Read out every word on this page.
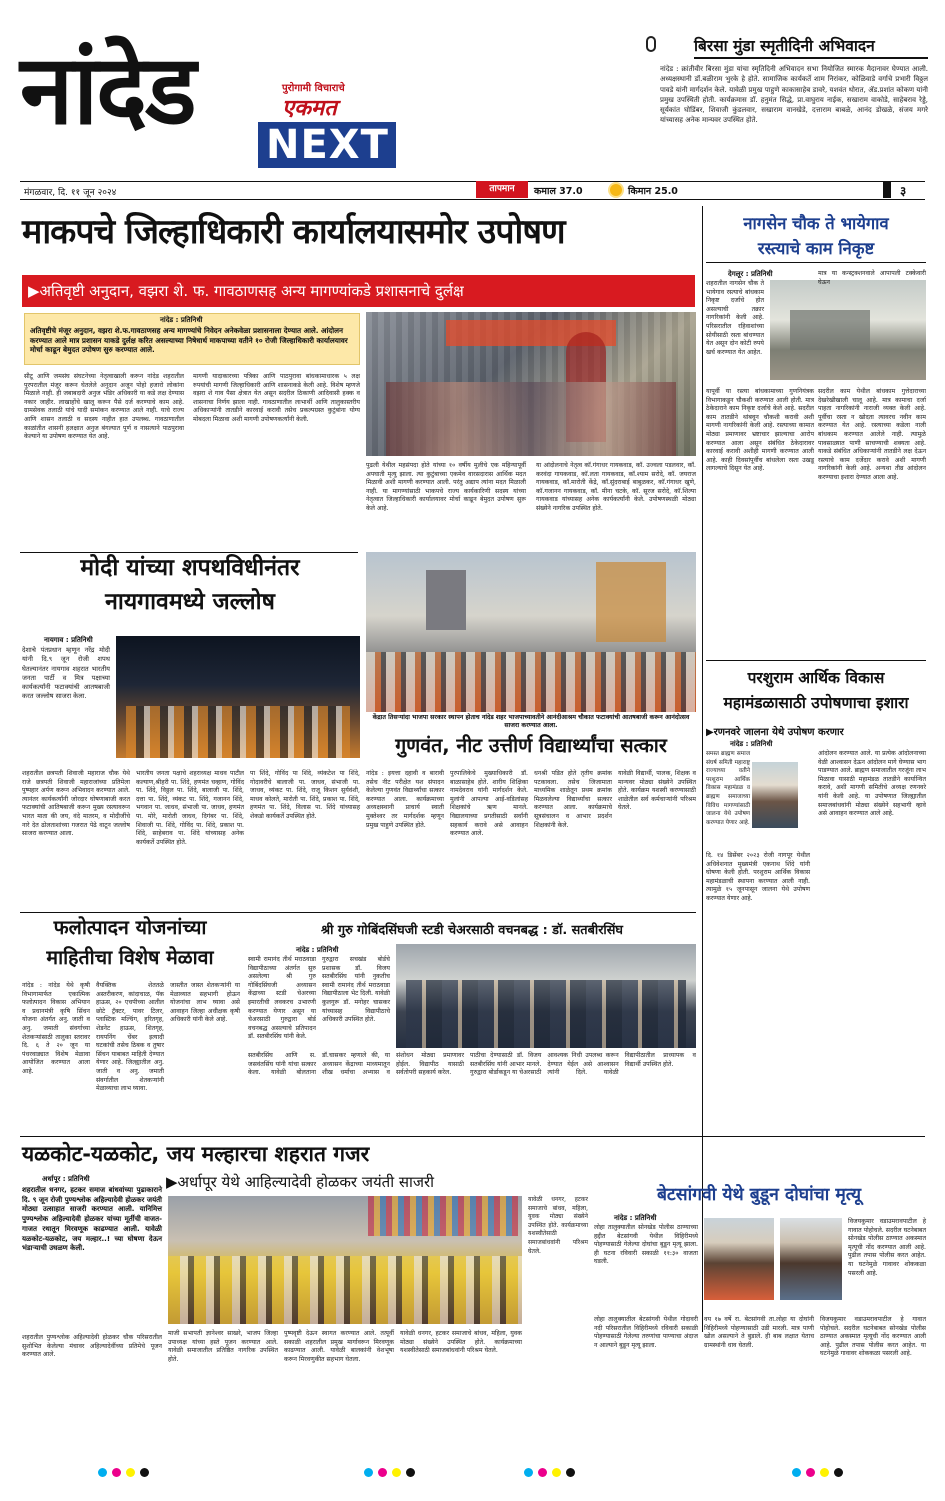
नांदेड	पुरोगामी विचाराचे
एकमत
NEXT
बिरसा मुंडा स्मृतीदिनी अभिवादन
नांदेड : क्रांतीवीर बिरसा मुंडा यांचा स्मृतिदिनी अभिवादन सभा नियोजित स्मारक मैदानावर घेण्यात आली. अध्यक्षस्थानी डॉ.बळीराम भुरके हे होते. सामाजिक कार्यकर्ते शाम निरांकर, कोळिवाडे वर्गाचे प्रभारी विठ्ठल पावडे यांनी मार्गदर्शन केले. यावेळी प्रमुख पाहुणे काकासाहेब डावरे, यशवंत थोरात, ॲड.प्रशांत कोकण यांनी प्रमुख उपस्थिती होती. कार्यक्रमास डॉ. हनुमंत सिद्धे, प्रा.वाघुराय नाईक, सखाराम वाकोडे, साहेबराव रेड्डे, सूर्यकांत घोडिंबर, शिवाजी कुंडलवार, सखाराम वानखेडे, दत्ताराम बाबळे, आनंद डोखळे, संजय मगरे यांच्यासह अनेक मान्यवर उपस्थित होते.
मंगळवार, दि. ११ जून २०२४	तापमान	कमाल 37.0	किमान 25.0	३
माकपचे जिल्हाधिकारी कार्यालयासमोर उपोषण
▶अतिवृष्टी अनुदान, वझरा शे. फ. गावठाणसह अन्य मागण्यांकडे प्रशासनाचे दुर्लक्ष
नांदेड : प्रतिनिधी
अतिवृष्टीचे मंजूर अनुदान, वझरा शे.फ.गावठाणसह अन्य मागण्यांचे निवेदन अनेकवेळा प्रशासनाला देण्यात आले. आंदोलन करण्यात आले मात्र प्रशासन याकडे दुर्लक्ष करित असल्याच्या निषेधार्थ माकपाच्या वतीने १० रोजी जिल्हाधिकारी कार्यालयावर मोर्चा काढून बेमुदत उपोषण सुरु करण्यात आले.
सीटू आणि जमसंघ संघटनेच्या नेतृत्वाखाली करून नांदेड शहरातील पुरपरातील मंजूर करून घेतलेले अनुदान अजून पोहो हजारो लोकांना मिळाले नाही. ही जबाबदारी अनुज भंडिर अधिकारी या कडे लक्ष देण्यास नकार जाहीर. लाखाहोंचे खालू करून पैसे दर्ज करण्याचे काम आहे. ग्रामसेवक तलाठी यांचे यादी समांकन करण्यात आले नाही. याचे राज्य आणि शासन तलाठी व सदस्य नाहीत हात उपलब्ध. गावठाणातील काळांतीत शासनी हलक्षात अनुज बंगल्यात पूर्ण व नासत्याने पाठपुरावा केल्याने या उपोषण करण्यात येत आहे.
मागणी यादाकारच्या पत्रिका आणि पाठपुरावा बांधकामाधारक ५ लक्ष रुपयांची मागणी जिल्हाधिकारी आणि शासनाकडे केली आहे. विशेष म्हणजे वझरा शे गाव पैसा क्षेत्रात येत असून सदरील ठिकाणी आदिवासी हक्क व शासनाचा निर्णय झाला नाही. गावठाणातील लाभार्थी आणि तालुकास्तरीय अधिकाऱ्यांनी तातडीने कारवाई करावी तसेच प्रकल्पग्रस्त कुटुंबांना योग्य मोबदला मिळावा अशी मागणी उपोषणकर्त्यांनी केली.
पुढली येथील महसंपदा होते यांच्या १० वर्षीय मुलीचे एक महिन्यापूर्वी अपघाती मृत्यु झाला. त्या कुटुंबाच्या एकमेव वारसदारास आर्थिक मदत मिळावी अशी मागणी करण्यात आली. परंतु अद्याप त्यांना मदत मिळाली नाही. या मागण्यांसाठी भाकपचे राज्य कार्यकारिणी सदस्य यांच्या नेतृत्वात जिल्हाधिकारी कार्यालयावर मोर्चा काढून बेमुदत उपोषण सुरू केले आहे.
या आंदोलनाचे नेतृत्व कॉ.गंगाधर गायकवाड, कॉ. उज्वला पडलवार, कॉ. करवंदा गायकवाड, कॉ.लता गायकवाड, कॉ.श्याम सरोदे, कॉ. जयराज गायकवाड, कॉ.मारोती केंद्रे, कॉ.सुंदराबाई बाबुळकर, कॉ.गंगाधर खुणे, कॉ.गजानन गायकवाड, कॉ. मीना चटके, कॉ. सूरज सरोदे, कॉ.शिल्पा गायकवाड यांच्यासह अनेक कार्यकर्त्यांनी केले. उपोषणस्थळी मोठ्या संख्येने नागरिक उपस्थित होते.
मोदी यांच्या शपथविधीनंतर
नायगावमध्ये जल्लोष
नायगाव : प्रतिनिधी
देशाचे पंतप्रधान म्हणून नरेंद्र मोदी यांनी दि.९ जून रोजी शपथ घेतल्यानंतर नायगाव शहरात भारतीय जनता पार्टी व मित्र पक्षाच्या कार्यकर्त्यांनी फटाक्यांची आतषबाजी करत जल्लोष साजरा केला.
शहरातील छत्रपती शिवाजी महाराज चौक येथे राजे छत्रपती शिवाजी महाराजांच्या प्रतिमेला पुष्पहार अर्पण करून अभिवादन करण्यात आले. त्यानंतर कार्यकर्त्यांनी जोरदार घोषणाबाजी करत फटाक्यांची आतिषबाजी करून मुख्य रस्त्यावरून भारत माता की जय, वंदे मातरम, व मोदीजींचे नारे देत ढोलताशांच्या गजरात पेढे वाटून जल्लोष साजरा करण्यात आला.
भारतीय जनता पक्षाचे शहराध्यक्ष माधव पाटील कल्याण,श्रीहरी पा. शिंदे, हणमंत चव्हाण, गोविंद पा. शिंदे, विठ्ठल पा. शिंदे, बालाजी पा. शिंदे, दत्ता पा. शिंदे, व्यंकट पा. शिंदे, गजानन शिंदे, भगवान पा. जाधव, संभाजी पा. जाधव, हणमंत पा. मोरे, मारोती जाधव, दिगंबर पा. शिंदे, शिवाजी पा. शिंदे, गोविंद पा. शिंदे, प्रकाश पा. शिंदे, साहेबराव पा. शिंदे यांच्यासह अनेक कार्यकर्ते उपस्थित होते.
पा शिंदे, गोविंद पा शिंदे, व्यंकटेश पा शिंदे, गोदावरीचे बालाजी पा. जाधव, संभाजी पा. जाधव, व्यंकट पा. शिंदे, राजू किशन सुर्यवंशी, माधव कोलते, मारोती पा. शिंदे, प्रकाश पा. शिंदे, हणमंत पा. शिंदे, विलास पा. शिंदे यांच्यासह शेकडो कार्यकर्ते उपस्थित होते.
केंद्रात तिसऱ्यांदा भाजपा सरकार स्थापन होताच नांदेड शहर भाजपाच्यावतीने आनंदीआश्रम चौकात फटाक्यांची आतषबाजी करून आनंदोत्सव साजरा करण्यात आला.
गुणवंत, नीट उत्तीर्ण विद्यार्थ्यांचा सत्कार
नांदेड : इयत्ता दहावी व बारावी तसेच नीट परीक्षेत यश संपादन केलेल्या गुणवंत विद्यार्थ्यांचा सत्कार करण्यात आला. कार्यक्रमाच्या अध्यक्षस्थानी प्राचार्य स्वाती मुक्तेश्वर तर मार्गदर्शक म्हणून प्रमुख पाहुणे उपस्थित होते.
पुरपालिकेचे मुख्याधिकारी डॉ. बाळासाहेब होते. शारीय शिक्षिका नामदेवराव यांनी मार्गदर्शन केले. मुलांनी आपल्या आई-वडिलांसह शिक्षकांचे ऋण मानले. विद्यालयाच्या प्रगतीसाठी सर्वांनी सहकार्य करावे असे आवाहन करण्यात आले.
धनश्री पडित होते तृतीय क्रमांक पटकावला. तसेच जिजामाता माध्यमिक शाळेतून प्रथम क्रमांक मिळवलेल्या विद्यार्थ्यांचा सत्कार करण्यात आला. कार्यक्रमाचे सूत्रसंचालन व आभार प्रदर्शन शिक्षकांनी केले.
यावेळी विद्यार्थी, पालक, शिक्षक व मान्यवर मोठ्या संख्येने उपस्थित होते. कार्यक्रम यशस्वी करण्यासाठी शाळेतील सर्व कर्मचाऱ्यांनी परिश्रम घेतले.
फलोत्पादन योजनांच्या
माहितीचा विशेष मेळावा
नांदेड : नांदेड येथे कृषी विभागामार्फत एकात्मिक फलोत्पादन विकास अभियान व प्रधानमंत्री कृषि सिंचन योजना अंतर्गत अनु. जाती व अनु. जमाती संवर्गाच्या शेतकऱ्यांसाठी तालुका स्तरावर दि. ६ ते २० जून या पंधरवाड्यात विशेष मेळावा आयोजित करण्यात आला आहे.
वैयक्तिक शेततळे अस्तरीकरण, कांदाचाळ, पॅक हाऊस, २० एचपीच्या आतील छोटे ट्रॅक्टर, पावर टिलर, प्लास्टिक मल्चिंग, हरितगृह, शेडनेट हाऊस, शितगृह, रायपनिंग चेंबर इत्यादी घटकांची तसेच ठिबक व तुषार सिंचन याबाबत माहिती देण्यात येणार आहे. जिल्ह्यातील अनु. जाती व अनु. जमाती संवर्गातील शेतकऱ्यांनी मेळाव्याचा लाभ घ्यावा.
जास्तीत जास्त शेतकऱ्यांनी या मेळाव्यात सहभागी होऊन योजनांचा लाभ घ्यावा असे आवाहन जिल्हा अधीक्षक कृषी अधिकारी यांनी केले आहे.
श्री गुरु गोबिंदसिंघजी स्टडी चेअरसाठी वचनबद्ध : डॉ. सतबीरसिंघ
नांदेड : प्रतिनिधी
स्वामी रामानंद तीर्थ मराठवाडा विद्यापीठाच्या अंतर्गत सुरु असलेल्या श्री गुरु गोबिंदसिंघजी अध्यासन केंद्राच्या स्टडी चेअरच्या इमारतीची लवकरच उभारणी करण्यात येणार असून या चेअरसाठी गुरुद्वारा बोर्ड वचनबद्ध असल्याचे प्रतिपादन डॉ. सतबीरसिंघ यांनी केले.
गुरुद्वारा सचखंड बोर्डचे प्रशासक डॉ. विजय सतबीरसिंघ यांनी नुकतीच स्वामी रामानंद तीर्थ मराठवाडा विद्यापीठाला भेट दिली. यावेळी कुलगुरू डॉ. मनोहर चासकर यांच्यासह विद्यापीठाचे अधिकारी उपस्थित होते.
सतबीरसिंघ आणि स. जसवंतसिंघ यांनी यांचा सत्कार केला. यावेळी बोलताना डॉ.चासकर म्हणाले की, या अध्यासन केंद्राच्या माध्यमातून शीख धर्माचा अभ्यास व संशोधन मोठ्या प्रमाणावर होईल. विद्यापीठ यासाठी सर्वतोपरी सहकार्य करेल.
पाठीचा देण्यासाठी डॉ. विजय सतबीरसिंघ यांनी आभार मानले. गुरुद्वारा बोर्डाकडून या चेअरसाठी आवश्यक निधी उपलब्ध करून देण्यात येईल असे आश्वासन त्यांनी दिले. यावेळी विद्यापीठातील प्राध्यापक व विद्यार्थी उपस्थित होते.
नागसेन चौक ते भायेगाव
रस्त्याचे काम निकृष्ट
देगलूर : प्रतिनिधी
शहरातील नागसेन चौक ते भायेगाव रस्त्याचे बांधकाम निकृष्ट दर्जाचे होत असल्याची तक्रार नागरिकांनी केली आहे. परिसरातील रहिवाशांच्या सोयीसाठी रस्ता बांधण्यात येत असून दोन कोटी रुपये खर्च करण्यात येत आहेत.
मात्र या कन्स्ट्रक्शनवाले आपापली टक्केवारी घेऊन
यापूर्वी या रस्त्या बांधकामाच्या गुणनियंत्रक विभागाकडून चौकशी करण्यात आली होती. मात्र ठेकेदाराने काम निकृष्ट दर्जाचे केले आहे. सदरील काम तातडीने थांबवून चौकशी करावी अशी मागणी नागरिकांनी केली आहे. रस्त्याच्या कामात मोठ्या प्रमाणावर भ्रष्टाचार झाल्याचा आरोप करण्यात आला असून संबंधित ठेकेदारावर कारवाई करावी अशीही मागणी करण्यात आली आहे. काही दिवसांपूर्वीच बांधलेला रस्ता उखडू लागल्याचे दिसून येत आहे.
सदरील काम येथील बांधकाम गुत्तेदाराच्या देखरेखीखाली चालू आहे. मात्र कामाचा दर्जा पाहता नागरिकांनी नाराजी व्यक्त केली आहे. पूर्वीचा रस्ता न खोदता त्यावरच नवीन काम करण्यात येत आहे. रस्त्याच्या कडेला नाली बांधकाम करण्यात आलेले नाही. त्यामुळे पावसाळ्यात पाणी साचण्याची शक्यता आहे. याकडे संबंधित अधिकाऱ्यांनी तातडीने लक्ष देऊन रस्त्याचे काम दर्जेदार करावे अशी मागणी नागरिकांनी केली आहे. अन्यथा तीव्र आंदोलन करण्याचा इशारा देण्यात आला आहे.
परशुराम आर्थिक विकास
महामंडळासाठी उपोषणाचा इशारा
▶रणनवरे जालना येथे उपोषण करणार
नांदेड : प्रतिनिधी
समस्त ब्राह्मण समाज संघर्ष समिती महाराष्ट्र राज्याच्या वतीने परशुराम आर्थिक विकास महामंडळ व ब्राह्मण समाजाच्या विविध मागण्यांसाठी जालना येथे उपोषण करण्यात येणार आहे.
दि. १४ डिसेंबर २०२३ रोजी नागपूर येथील अधिवेशनात मुख्यमंत्री एकनाथ शिंदे यांनी घोषणा केली होती. परशुराम आर्थिक विकास महामंडळाची स्थापना करण्यात आली नाही. त्यामुळे १५ जूनपासून जालना येथे उपोषण करण्यात येणार आहे.
आंदोलन करण्यात आले. या प्रत्येक आंदोलनाच्या वेळी आश्वासन देऊन आंदोलन मागे घेण्यास भाग पाडण्यात आले. ब्राह्मण समाजातील गरजूंना लाभ मिळावा यासाठी महामंडळ तातडीने कार्यान्वित करावे, अशी मागणी समितीचे अध्यक्ष रणनवरे यांनी केली आहे. या उपोषणात जिल्ह्यातील समाजबांधवांनी मोठ्या संख्येने सहभागी व्हावे असे आवाहन करण्यात आले आहे.
यळकोट-यळकोट, जय मल्हारचा शहरात गजर
▶अर्धापूर येथे आहिल्यादेवी होळकर जयंती साजरी
अर्धापूर : प्रतिनिधी
शहरातील धनगर, हटकर समाज बांधवांच्या पुढाकाराने दि. ९ जून रोजी पुण्यश्लोक अहिल्यादेवी होळकर जयंती मोठ्या उत्साहात साजरी करण्यात आली. यानिमित्त पुण्यश्लोक अहिल्यादेवी होळकर यांच्या मूर्तीची वाजत-गाजत रथातून मिरवणूक काढण्यात आली. यावेळी यळकोट-यळकोट, जय मल्हार..! च्या घोषणा देऊन भंडाऱ्याची उधळण केली.
शहरातील पुण्यश्लोक अहिल्यादेवी होळकर चौक परिसरातील सुशोभित केलेल्या मंचावर अहिल्यादेवींच्या प्रतिमेचे पूजन करण्यात आले.
माजी सभापती ज्ञानेश्वर साखरे, भाजप जिल्हा उपाध्यक्ष यांच्या हस्ते पूजन करण्यात आले. यावेळी समाजातील प्रतिष्ठित नागरिक उपस्थित होते.
पुष्पवृष्टी देऊन स्वागत करण्यात आले. तत्पूर्वी सकाळी शहरातील प्रमुख मार्गावरून मिरवणूक काढण्यात आली. यावेळी बालकांनी वेशभूषा करून मिरवणुकीत सहभाग घेतला.
यावेळी धनगर, हटकर समाजाचे बांधव, महिला, युवक मोठ्या संख्येने उपस्थित होते. कार्यक्रमाच्या यशस्वीतेसाठी समाजबांधवांनी परिश्रम घेतले.
यावेळी धनगर, हटकर समाजाचे बांधव, महिला, युवक मोठ्या संख्येने उपस्थित होते. कार्यक्रमाच्या यशस्वीतेसाठी समाजबांधवांनी परिश्रम घेतले.
बेटसांगवी येथे बुडून दोघांचा मृत्यू
नांदेड : प्रतिनिधी
लोहा तालुक्यातील सोनखेड पोलीस ठाण्याच्या हद्दीत बेटसांगवी येथील विहिरीमध्ये पोहण्यासाठी गेलेल्या दोघांचा बुडून मृत्यू झाला. ही घटना रविवारी सकाळी ११:३० वाजता घडली.
विजयकुमार वडाउमरावपाटील हे गावात पोहोचले. सदरील घटनेबाबत सोनखेड पोलीस ठाण्यात अकस्मात मृत्यूची नोंद करण्यात आली आहे. पुढील तपास पोलीस करत आहेत. या घटनेमुळे गावावर शोककळा पसरली आहे.
लोहा तालुक्यातील बेटसांगवी येथील गोदावरी नदी परिसरातील विहिरीमध्ये रविवारी सकाळी पोहण्यासाठी गेलेल्या तरुणांचा पाण्याचा अंदाज न आल्याने बुडून मृत्यू झाला.
वय १७ वर्षे रा. बेटसांगवी ता.लोहा या दोघांनी विहिरीमध्ये पोहण्यासाठी उडी मारली. मात्र पाणी खोल असल्याने ते बुडाले. ही बाब लक्षात येताच ग्रामस्थांनी धाव घेतली.
विजयकुमार वडाउमरावपाटील हे गावात पोहोचले. सदरील घटनेबाबत सोनखेड पोलीस ठाण्यात अकस्मात मृत्यूची नोंद करण्यात आली आहे. पुढील तपास पोलीस करत आहेत. या घटनेमुळे गावावर शोककळा पसरली आहे.
